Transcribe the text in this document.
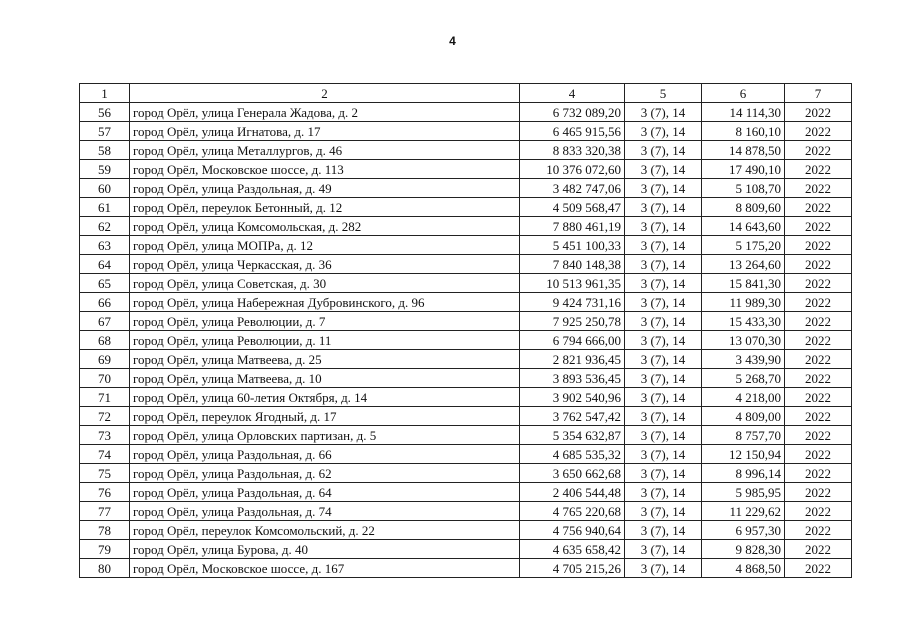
4
1	2	4	5	6	7
56	город Орёл, улица Генерала Жадова, д. 2	6 732 089,20	3 (7), 14	14 114,30	2022
57	город Орёл, улица Игнатова, д. 17	6 465 915,56	3 (7), 14	8 160,10	2022
58	город Орёл, улица Металлургов, д. 46	8 833 320,38	3 (7), 14	14 878,50	2022
59	город Орёл, Московское шоссе, д. 113	10 376 072,60	3 (7), 14	17 490,10	2022
60	город Орёл, улица Раздольная, д. 49	3 482 747,06	3 (7), 14	5 108,70	2022
61	город Орёл, переулок Бетонный, д. 12	4 509 568,47	3 (7), 14	8 809,60	2022
62	город Орёл, улица Комсомольская, д. 282	7 880 461,19	3 (7), 14	14 643,60	2022
63	город Орёл, улица МОПРа, д. 12	5 451 100,33	3 (7), 14	5 175,20	2022
64	город Орёл, улица Черкасская, д. 36	7 840 148,38	3 (7), 14	13 264,60	2022
65	город Орёл, улица Советская, д. 30	10 513 961,35	3 (7), 14	15 841,30	2022
66	город Орёл, улица Набережная Дубровинского, д. 96	9 424 731,16	3 (7), 14	11 989,30	2022
67	город Орёл, улица Революции, д. 7	7 925 250,78	3 (7), 14	15 433,30	2022
68	город Орёл, улица Революции, д. 11	6 794 666,00	3 (7), 14	13 070,30	2022
69	город Орёл, улица Матвеева, д. 25	2 821 936,45	3 (7), 14	3 439,90	2022
70	город Орёл, улица Матвеева, д. 10	3 893 536,45	3 (7), 14	5 268,70	2022
71	город Орёл, улица 60-летия Октября, д. 14	3 902 540,96	3 (7), 14	4 218,00	2022
72	город Орёл, переулок Ягодный, д. 17	3 762 547,42	3 (7), 14	4 809,00	2022
73	город Орёл, улица Орловских партизан, д. 5	5 354 632,87	3 (7), 14	8 757,70	2022
74	город Орёл, улица Раздольная, д. 66	4 685 535,32	3 (7), 14	12 150,94	2022
75	город Орёл, улица Раздольная, д. 62	3 650 662,68	3 (7), 14	8 996,14	2022
76	город Орёл, улица Раздольная, д. 64	2 406 544,48	3 (7), 14	5 985,95	2022
77	город Орёл, улица Раздольная, д. 74	4 765 220,68	3 (7), 14	11 229,62	2022
78	город Орёл, переулок Комсомольский, д. 22	4 756 940,64	3 (7), 14	6 957,30	2022
79	город Орёл, улица Бурова, д. 40	4 635 658,42	3 (7), 14	9 828,30	2022
80	город Орёл, Московское шоссе, д. 167	4 705 215,26	3 (7), 14	4 868,50	2022
